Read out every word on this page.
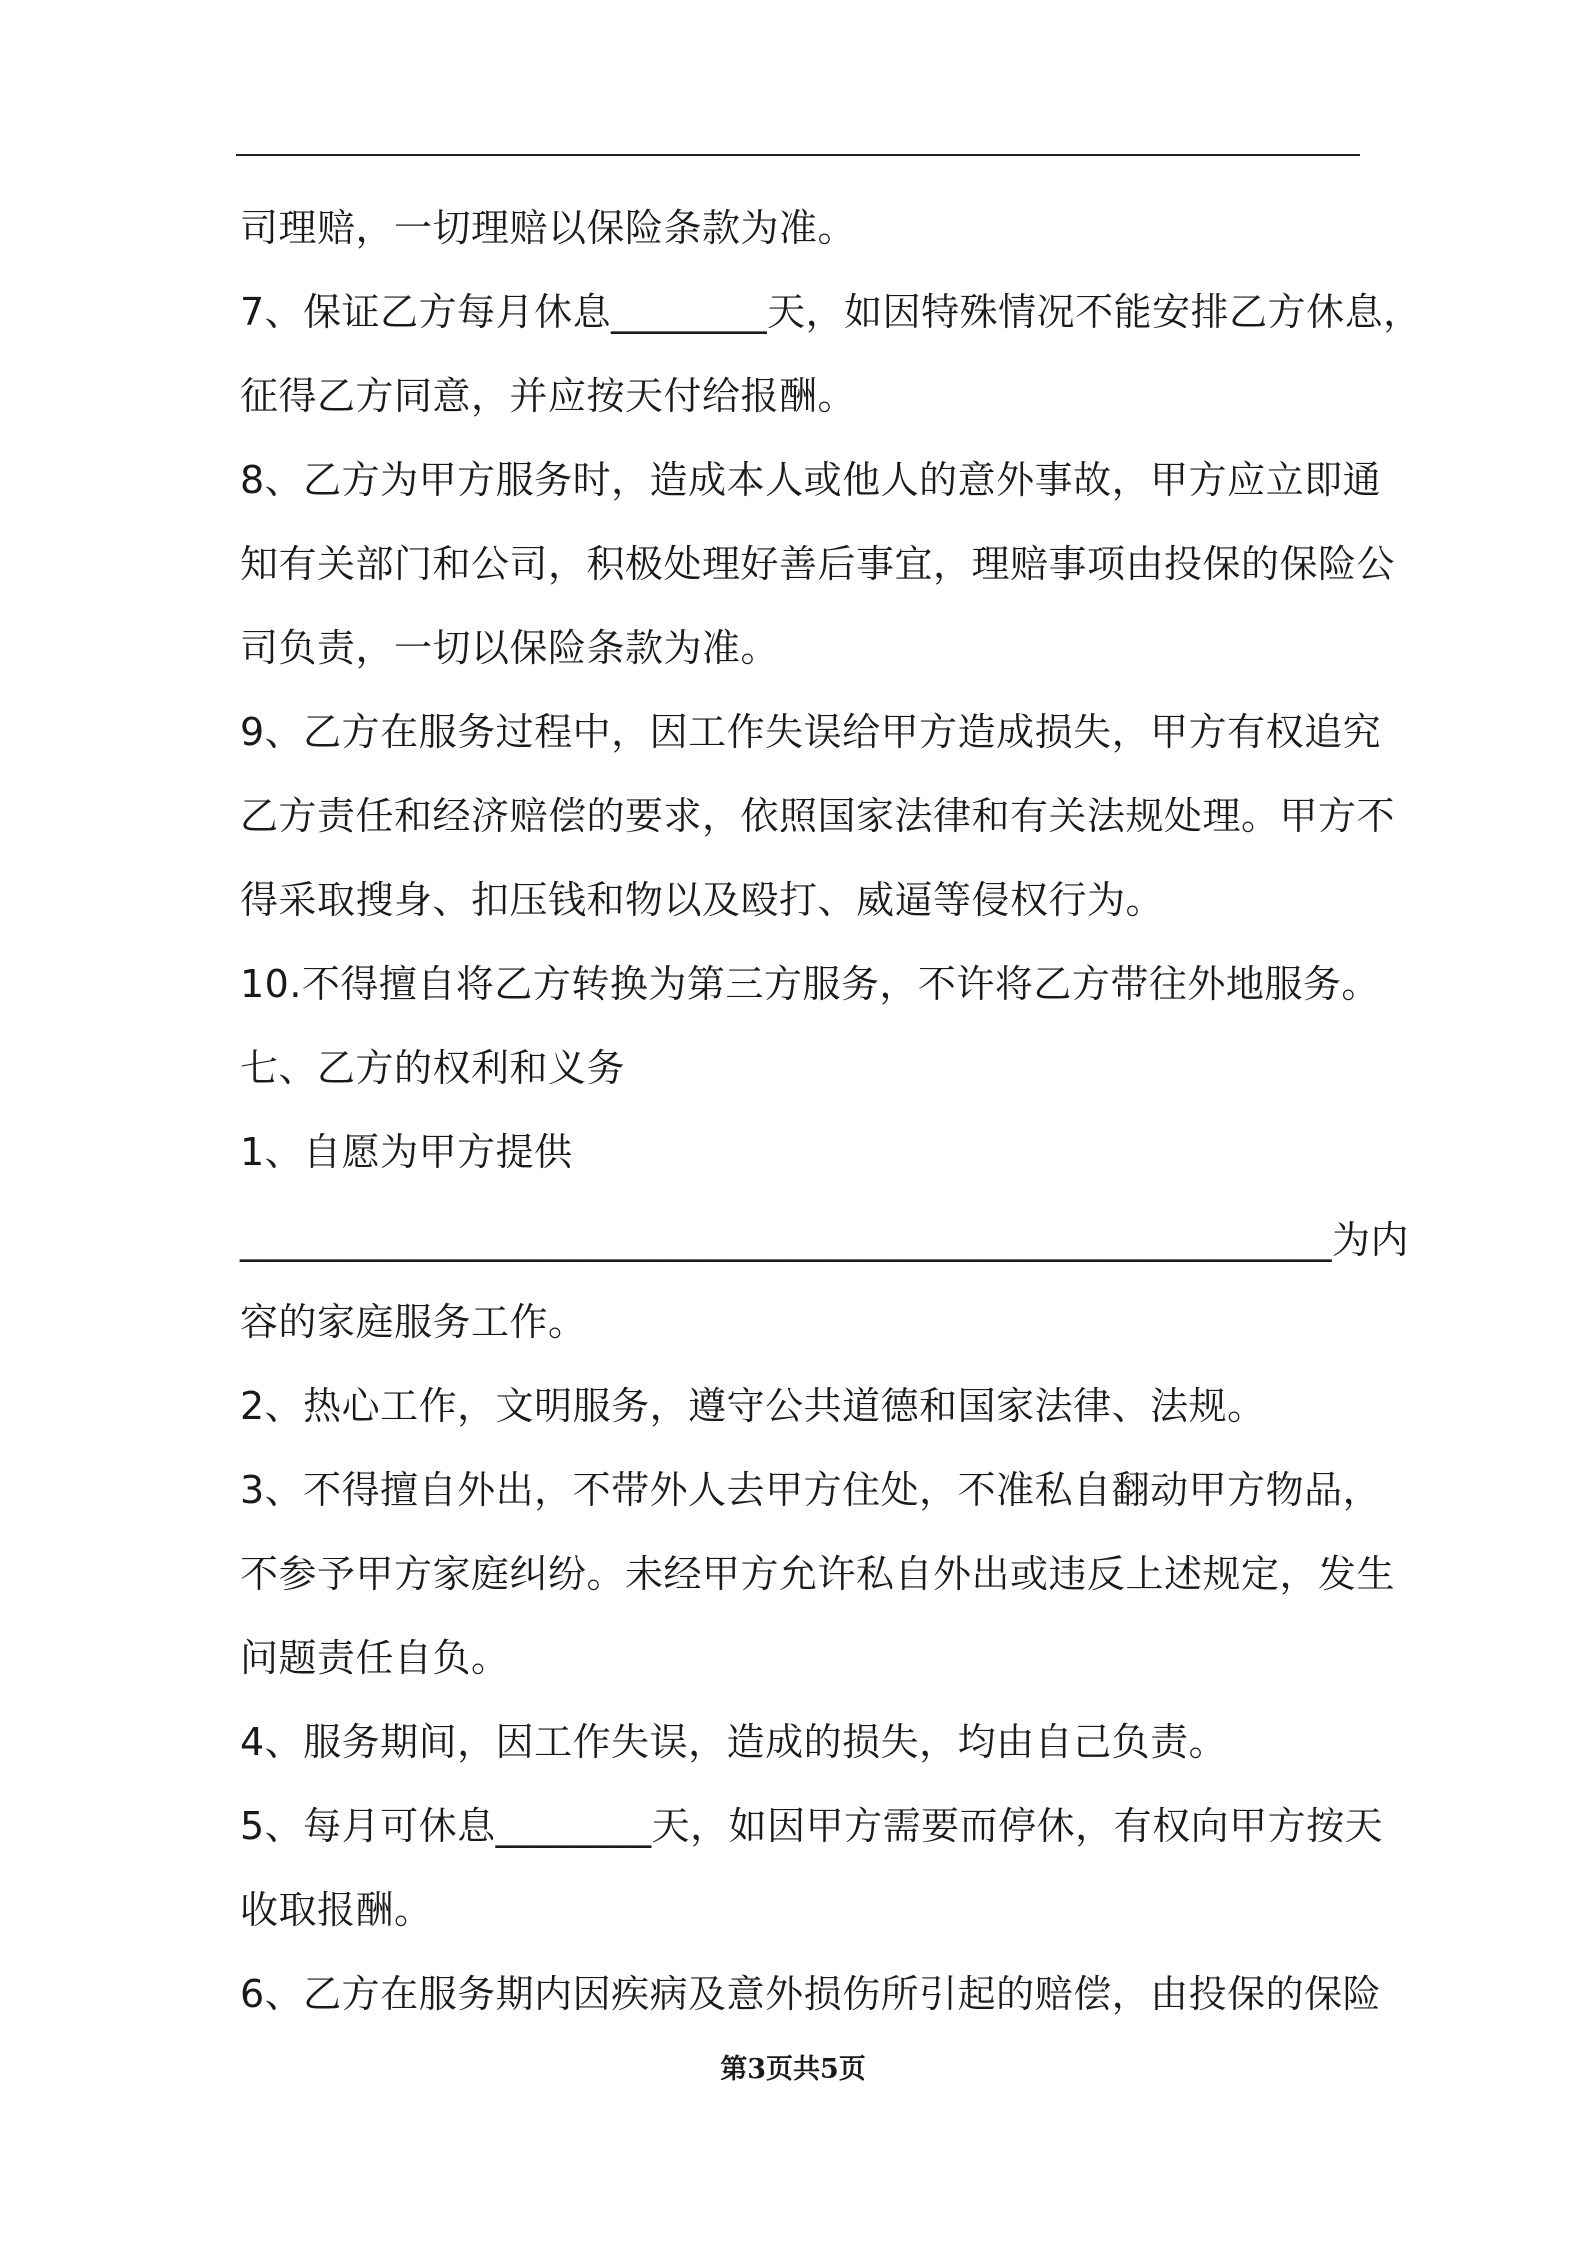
司理赔，一切理赔以保险条款为准。
7、保证乙方每月休息________天，如因特殊情况不能安排乙方休息，
征得乙方同意，并应按天付给报酬。
8、乙方为甲方服务时，造成本人或他人的意外事故，甲方应立即通
知有关部门和公司，积极处理好善后事宜，理赔事项由投保的保险公
司负责，一切以保险条款为准。
9、乙方在服务过程中，因工作失误给甲方造成损失，甲方有权追究
乙方责任和经济赔偿的要求，依照国家法律和有关法规处理。甲方不
得采取搜身、扣压钱和物以及殴打、威逼等侵权行为。
10.不得擅自将乙方转换为第三方服务，不许将乙方带往外地服务。
七、乙方的权利和义务
1、自愿为甲方提供
________________________________________________________为内
容的家庭服务工作。
2、热心工作，文明服务，遵守公共道德和国家法律、法规。
3、不得擅自外出，不带外人去甲方住处，不准私自翻动甲方物品，
不参予甲方家庭纠纷。未经甲方允许私自外出或违反上述规定，发生
问题责任自负。
4、服务期间，因工作失误，造成的损失，均由自己负责。
5、每月可休息________天，如因甲方需要而停休，有权向甲方按天
收取报酬。
6、乙方在服务期内因疾病及意外损伤所引起的赔偿，由投保的保险
第3页共5页
